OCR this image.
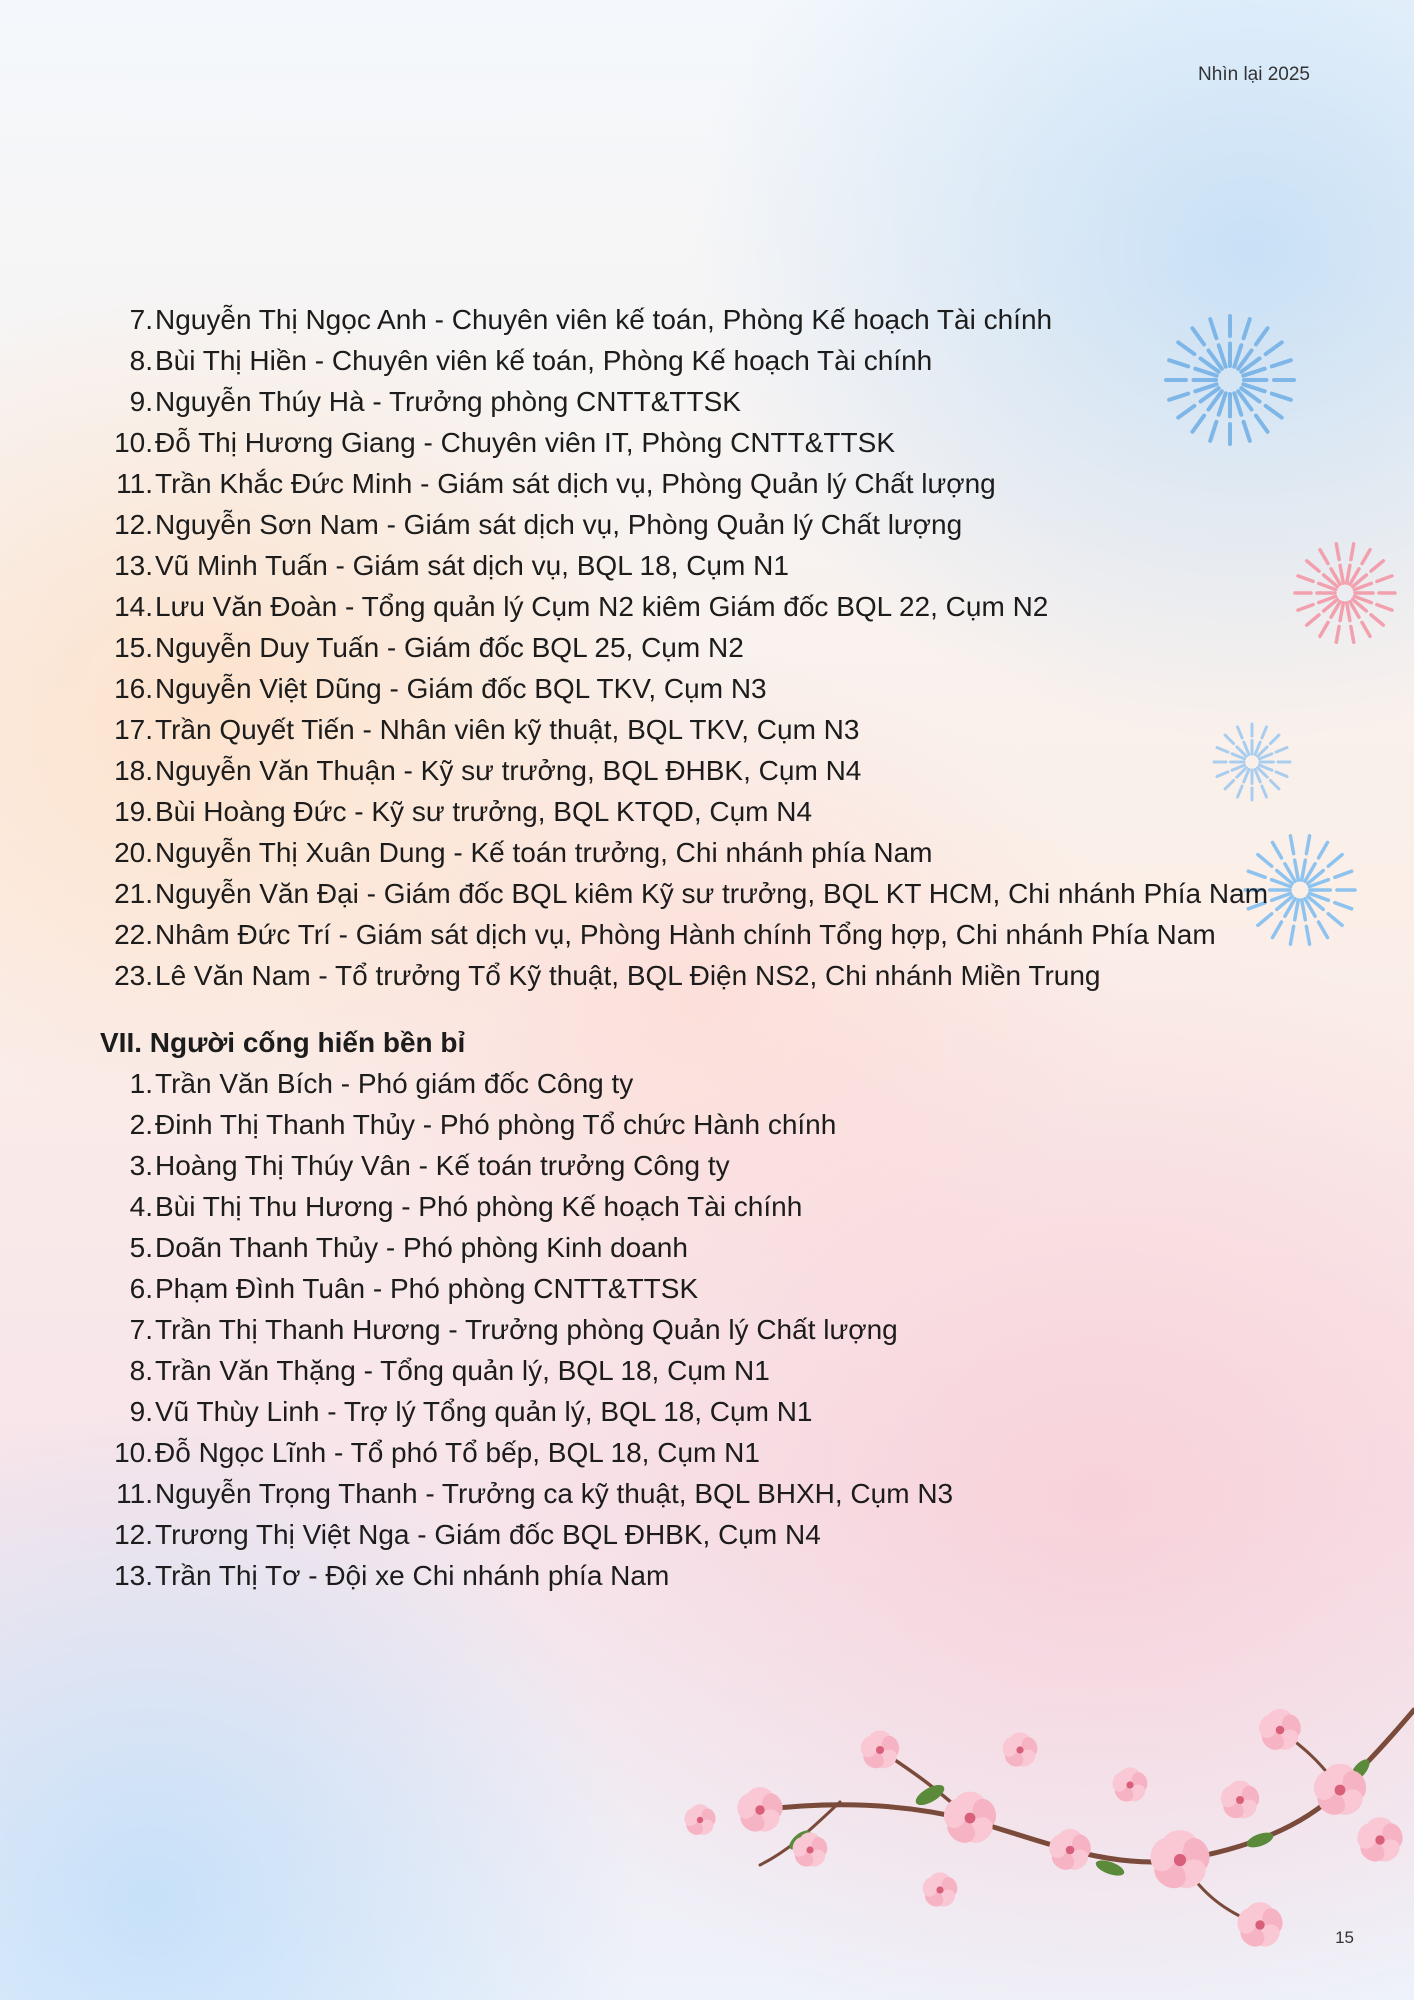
Nhìn lại 2025
7. Nguyễn Thị Ngọc Anh - Chuyên viên kế toán, Phòng Kế hoạch Tài chính
8. Bùi Thị Hiền - Chuyên viên kế toán, Phòng Kế hoạch Tài chính
9. Nguyễn Thúy Hà - Trưởng phòng CNTT&TTSK
10. Đỗ Thị Hương Giang - Chuyên viên IT, Phòng CNTT&TTSK
11. Trần Khắc Đức Minh - Giám sát dịch vụ, Phòng Quản lý Chất lượng
12. Nguyễn Sơn Nam - Giám sát dịch vụ, Phòng Quản lý Chất lượng
13. Vũ Minh Tuấn - Giám sát dịch vụ, BQL 18, Cụm N1
14. Lưu Văn Đoàn - Tổng quản lý Cụm N2 kiêm Giám đốc BQL 22, Cụm N2
15. Nguyễn Duy Tuấn - Giám đốc BQL 25, Cụm N2
16. Nguyễn Việt Dũng - Giám đốc BQL TKV, Cụm N3
17. Trần Quyết Tiến - Nhân viên kỹ thuật, BQL TKV, Cụm N3
18. Nguyễn Văn Thuận - Kỹ sư trưởng, BQL ĐHBK, Cụm N4
19. Bùi Hoàng Đức - Kỹ sư trưởng, BQL KTQD, Cụm N4
20. Nguyễn Thị Xuân Dung - Kế toán trưởng, Chi nhánh phía Nam
21. Nguyễn Văn Đại - Giám đốc BQL kiêm Kỹ sư trưởng, BQL KT HCM, Chi nhánh Phía Nam
22. Nhâm Đức Trí - Giám sát dịch vụ, Phòng Hành chính Tổng hợp, Chi nhánh Phía Nam
23. Lê Văn Nam - Tổ trưởng Tổ Kỹ thuật, BQL Điện NS2, Chi nhánh Miền Trung
VII. Người cống hiến bền bỉ
1. Trần Văn Bích - Phó giám đốc Công ty
2. Đinh Thị Thanh Thủy - Phó phòng Tổ chức Hành chính
3. Hoàng Thị Thúy Vân - Kế toán trưởng Công ty
4. Bùi Thị Thu Hương - Phó phòng Kế hoạch Tài chính
5. Doãn Thanh Thủy - Phó phòng Kinh doanh
6. Phạm Đình Tuân - Phó phòng CNTT&TTSK
7. Trần Thị Thanh Hương - Trưởng phòng Quản lý Chất lượng
8. Trần Văn Thặng - Tổng quản lý, BQL 18, Cụm N1
9. Vũ Thùy Linh - Trợ lý Tổng quản lý, BQL 18, Cụm N1
10. Đỗ Ngọc Lĩnh - Tổ phó Tổ bếp, BQL 18, Cụm N1
11. Nguyễn Trọng Thanh - Trưởng ca kỹ thuật, BQL BHXH, Cụm N3
12. Trương Thị Việt Nga - Giám đốc BQL ĐHBK, Cụm N4
13. Trần Thị Tơ - Đội xe Chi nhánh phía Nam
15
